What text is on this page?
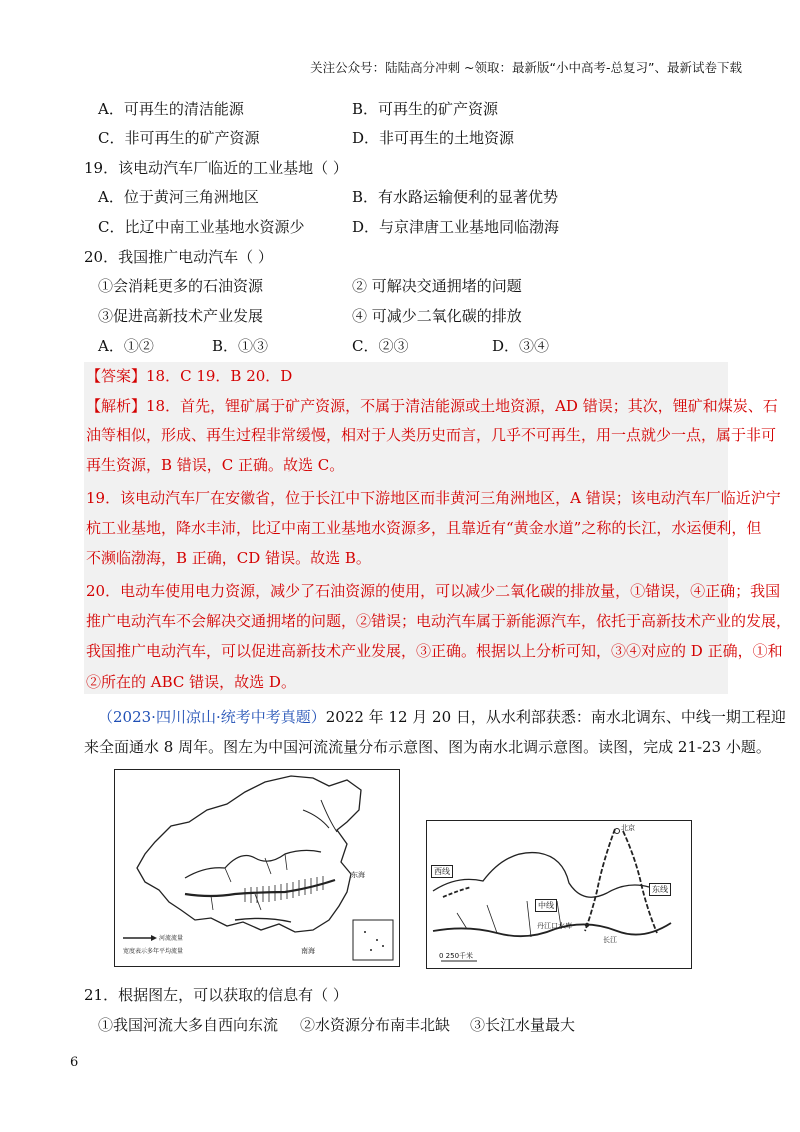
关注公众号：陆陆高分冲刺 ~领取：最新版“小中高考-总复习”、最新试卷下载
A．可再生的清洁能源	B．可再生的矿产资源
C．非可再生的矿产资源	D．非可再生的土地资源
19．该电动汽车厂临近的工业基地（ ）
A．位于黄河三角洲地区	B．有水路运输便利的显著优势
C．比辽中南工业基地水资源少	D．与京津唐工业基地同临渤海
20．我国推广电动汽车（ ）
①会消耗更多的石油资源	② 可解决交通拥堵的问题
③促进高新技术产业发展	④ 可减少二氧化碳的排放
A．①②	B．①③	C．②③	D．③④
【答案】18．C 19．B 20．D
【解析】18．首先，锂矿属于矿产资源，不属于清洁能源或土地资源，AD 错误；其次，锂矿和煤炭、石
油等相似，形成、再生过程非常缓慢，相对于人类历史而言，几乎不可再生，用一点就少一点，属于非可
再生资源，B 错误，C 正确。故选 C。
19．该电动汽车厂在安徽省，位于长江中下游地区而非黄河三角洲地区，A 错误；该电动汽车厂临近沪宁
杭工业基地，降水丰沛，比辽中南工业基地水资源多，且靠近有“黄金水道”之称的长江，水运便利，但
不濒临渤海，B 正确，CD 错误。故选 B。
20．电动车使用电力资源，减少了石油资源的使用，可以减少二氧化碳的排放量，①错误，④正确；我国
推广电动汽车不会解决交通拥堵的问题，②错误；电动汽车属于新能源汽车，依托于高新技术产业的发展，
我国推广电动汽车，可以促进高新技术产业发展，③正确。根据以上分析可知，③④对应的 D 正确，①和
②所在的 ABC 错误，故选 D。
（2023·四川凉山·统考中考真题）2022 年 12 月 20 日，从水利部获悉：南水北调东、中线一期工程迎
来全面通水 8 周年。图左为中国河流流量分布示意图、图为南水北调示意图。读图，完成 21-23 小题。
东海
南海
河流流量
宽度表示多年平均流量
西线
中线
东线
丹江口水库
长江
北京
0 250千米
21．根据图左，可以获取的信息有（ ）
①我国河流大多自西向东流 ②水资源分布南丰北缺 ③长江水量最大
6
